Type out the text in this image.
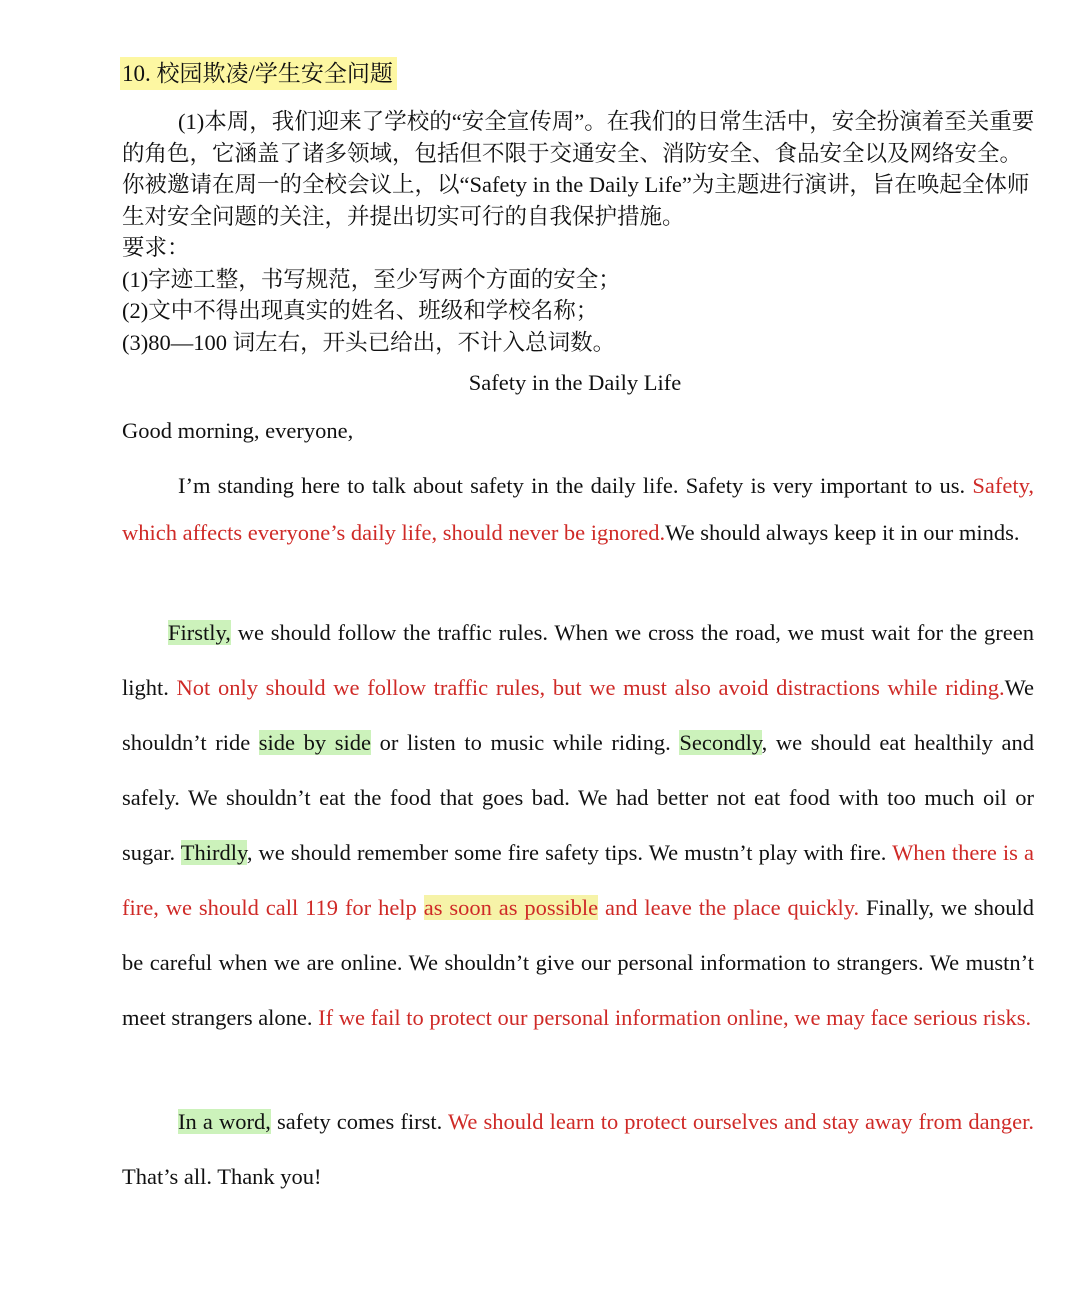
10. 校园欺凌/学生安全问题

(1)本周，我们迎来了学校的“安全宣传周”。在我们的日常生活中，安全扮演着至关重要的角色，它涵盖了诸多领域，包括但不限于交通安全、消防安全、食品安全以及网络安全。你被邀请在周一的全校会议上，以“Safety in the Daily Life”为主题进行演讲，旨在唤起全体师生对安全问题的关注，并提出切实可行的自我保护措施。

要求：

(1)字迹工整，书写规范，至少写两个方面的安全；

(2)文中不得出现真实的姓名、班级和学校名称；

(3)80—100 词左右，开头已给出，不计入总词数。

Safety in the Daily Life
Good morning, everyone,

I’m standing here to talk about safety in the daily life. Safety is very important to us. Safety, which affects everyone’s daily life, should never be ignored.We should always keep it in our minds.

Firstly, we should follow the traffic rules. When we cross the road, we must wait for the green light. Not only should we follow traffic rules, but we must also avoid distractions while riding.We shouldn’t ride side by side or listen to music while riding. Secondly, we should eat healthily and safely. We shouldn’t eat the food that goes bad. We had better not eat food with too much oil or sugar. Thirdly, we should remember some fire safety tips. We mustn’t play with fire. When there is a fire, we should call 119 for help as soon as possible and leave the place quickly. Finally, we should be careful when we are online. We shouldn’t give our personal information to strangers. We mustn’t meet strangers alone. If we fail to protect our personal information online, we may face serious risks.

In a word, safety comes first. We should learn to protect ourselves and stay away from danger. That’s all. Thank you!
